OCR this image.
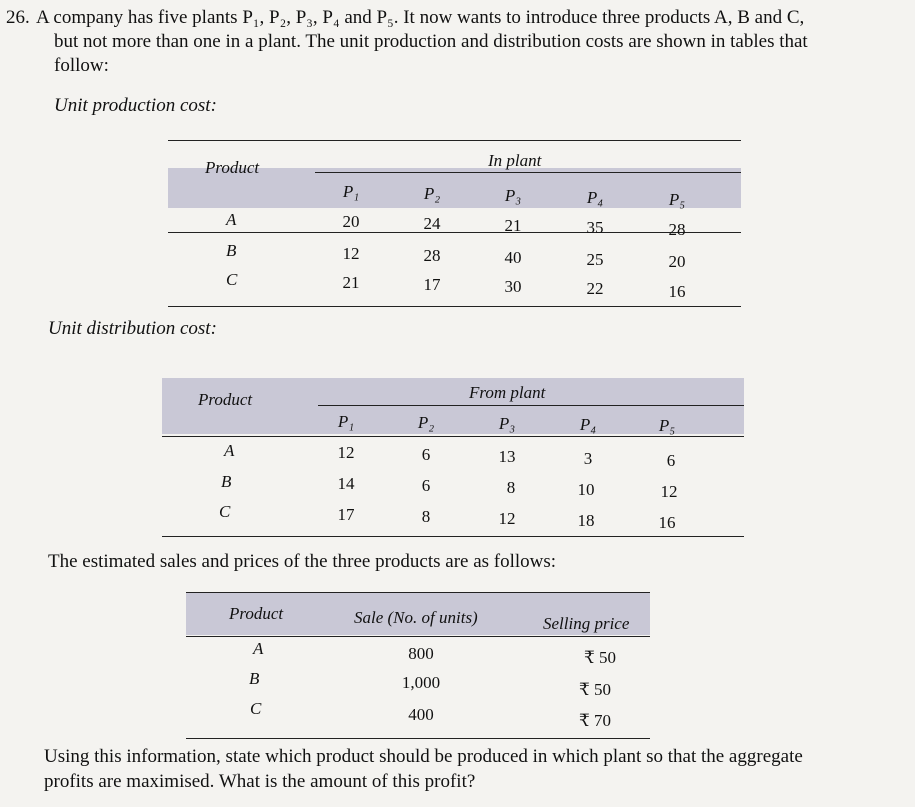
26. A company has five plants P₁, P₂, P₃, P₄ and P₅. It now wants to introduce three products A, B and C,
but not more than one in a plant. The unit production and distribution costs are shown in tables that
follow:
Unit production cost:
Product	In plant
P₁	P₂	P₃	P₄	P₅
A	20	24	21	35	28
B	12	28	40	25	20
C	21	17	30	22	16
Unit distribution cost:
Product	From plant
P₁	P₂	P₃	P₄	P₅
A	12	6	13	3	6
B	14	6	8	10	12
C	17	8	12	18	16
The estimated sales and prices of the three products are as follows:
Product	Sale (No. of units)	Selling price
A	800	₹ 50
B	1,000	₹ 50
C	400	₹ 70
Using this information, state which product should be produced in which plant so that the aggregate
profits are maximised. What is the amount of this profit?
